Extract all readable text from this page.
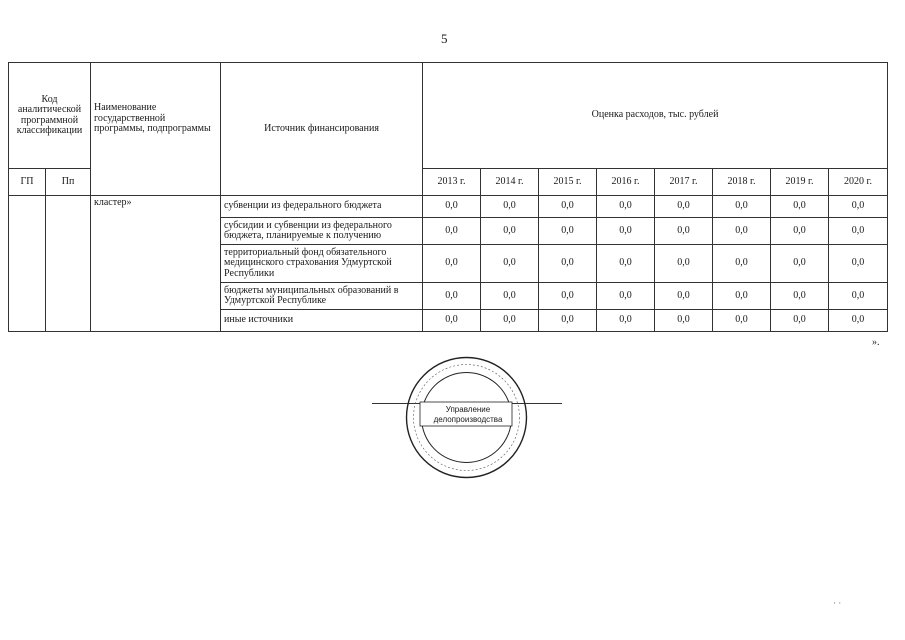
5
Код аналитической программной классификации		Наименование государственной программы, подпрограммы	Источник финансирования	Оценка расходов, тыс. рублей							
ГП	Пп			2013 г.	2014 г.	2015 г.	2016 г.	2017 г.	2018 г.	2019 г.	2020 г.
		кластер»	субвенции из федерального бюджета	0,0	0,0	0,0	0,0	0,0	0,0	0,0	0,0
			субсидии и субвенции из федерального бюджета, планируемые к получению	0,0	0,0	0,0	0,0	0,0	0,0	0,0	0,0
			территориальный фонд обязательного медицинского страхования Удмуртской Республики	0,0	0,0	0,0	0,0	0,0	0,0	0,0	0,0
			бюджеты муниципальных образований в Удмуртской Республике	0,0	0,0	0,0	0,0	0,0	0,0	0,0	0,0
			иные источники	0,0	0,0	0,0	0,0	0,0	0,0	0,0	0,0
».
Управление делопроизводства
· ·
